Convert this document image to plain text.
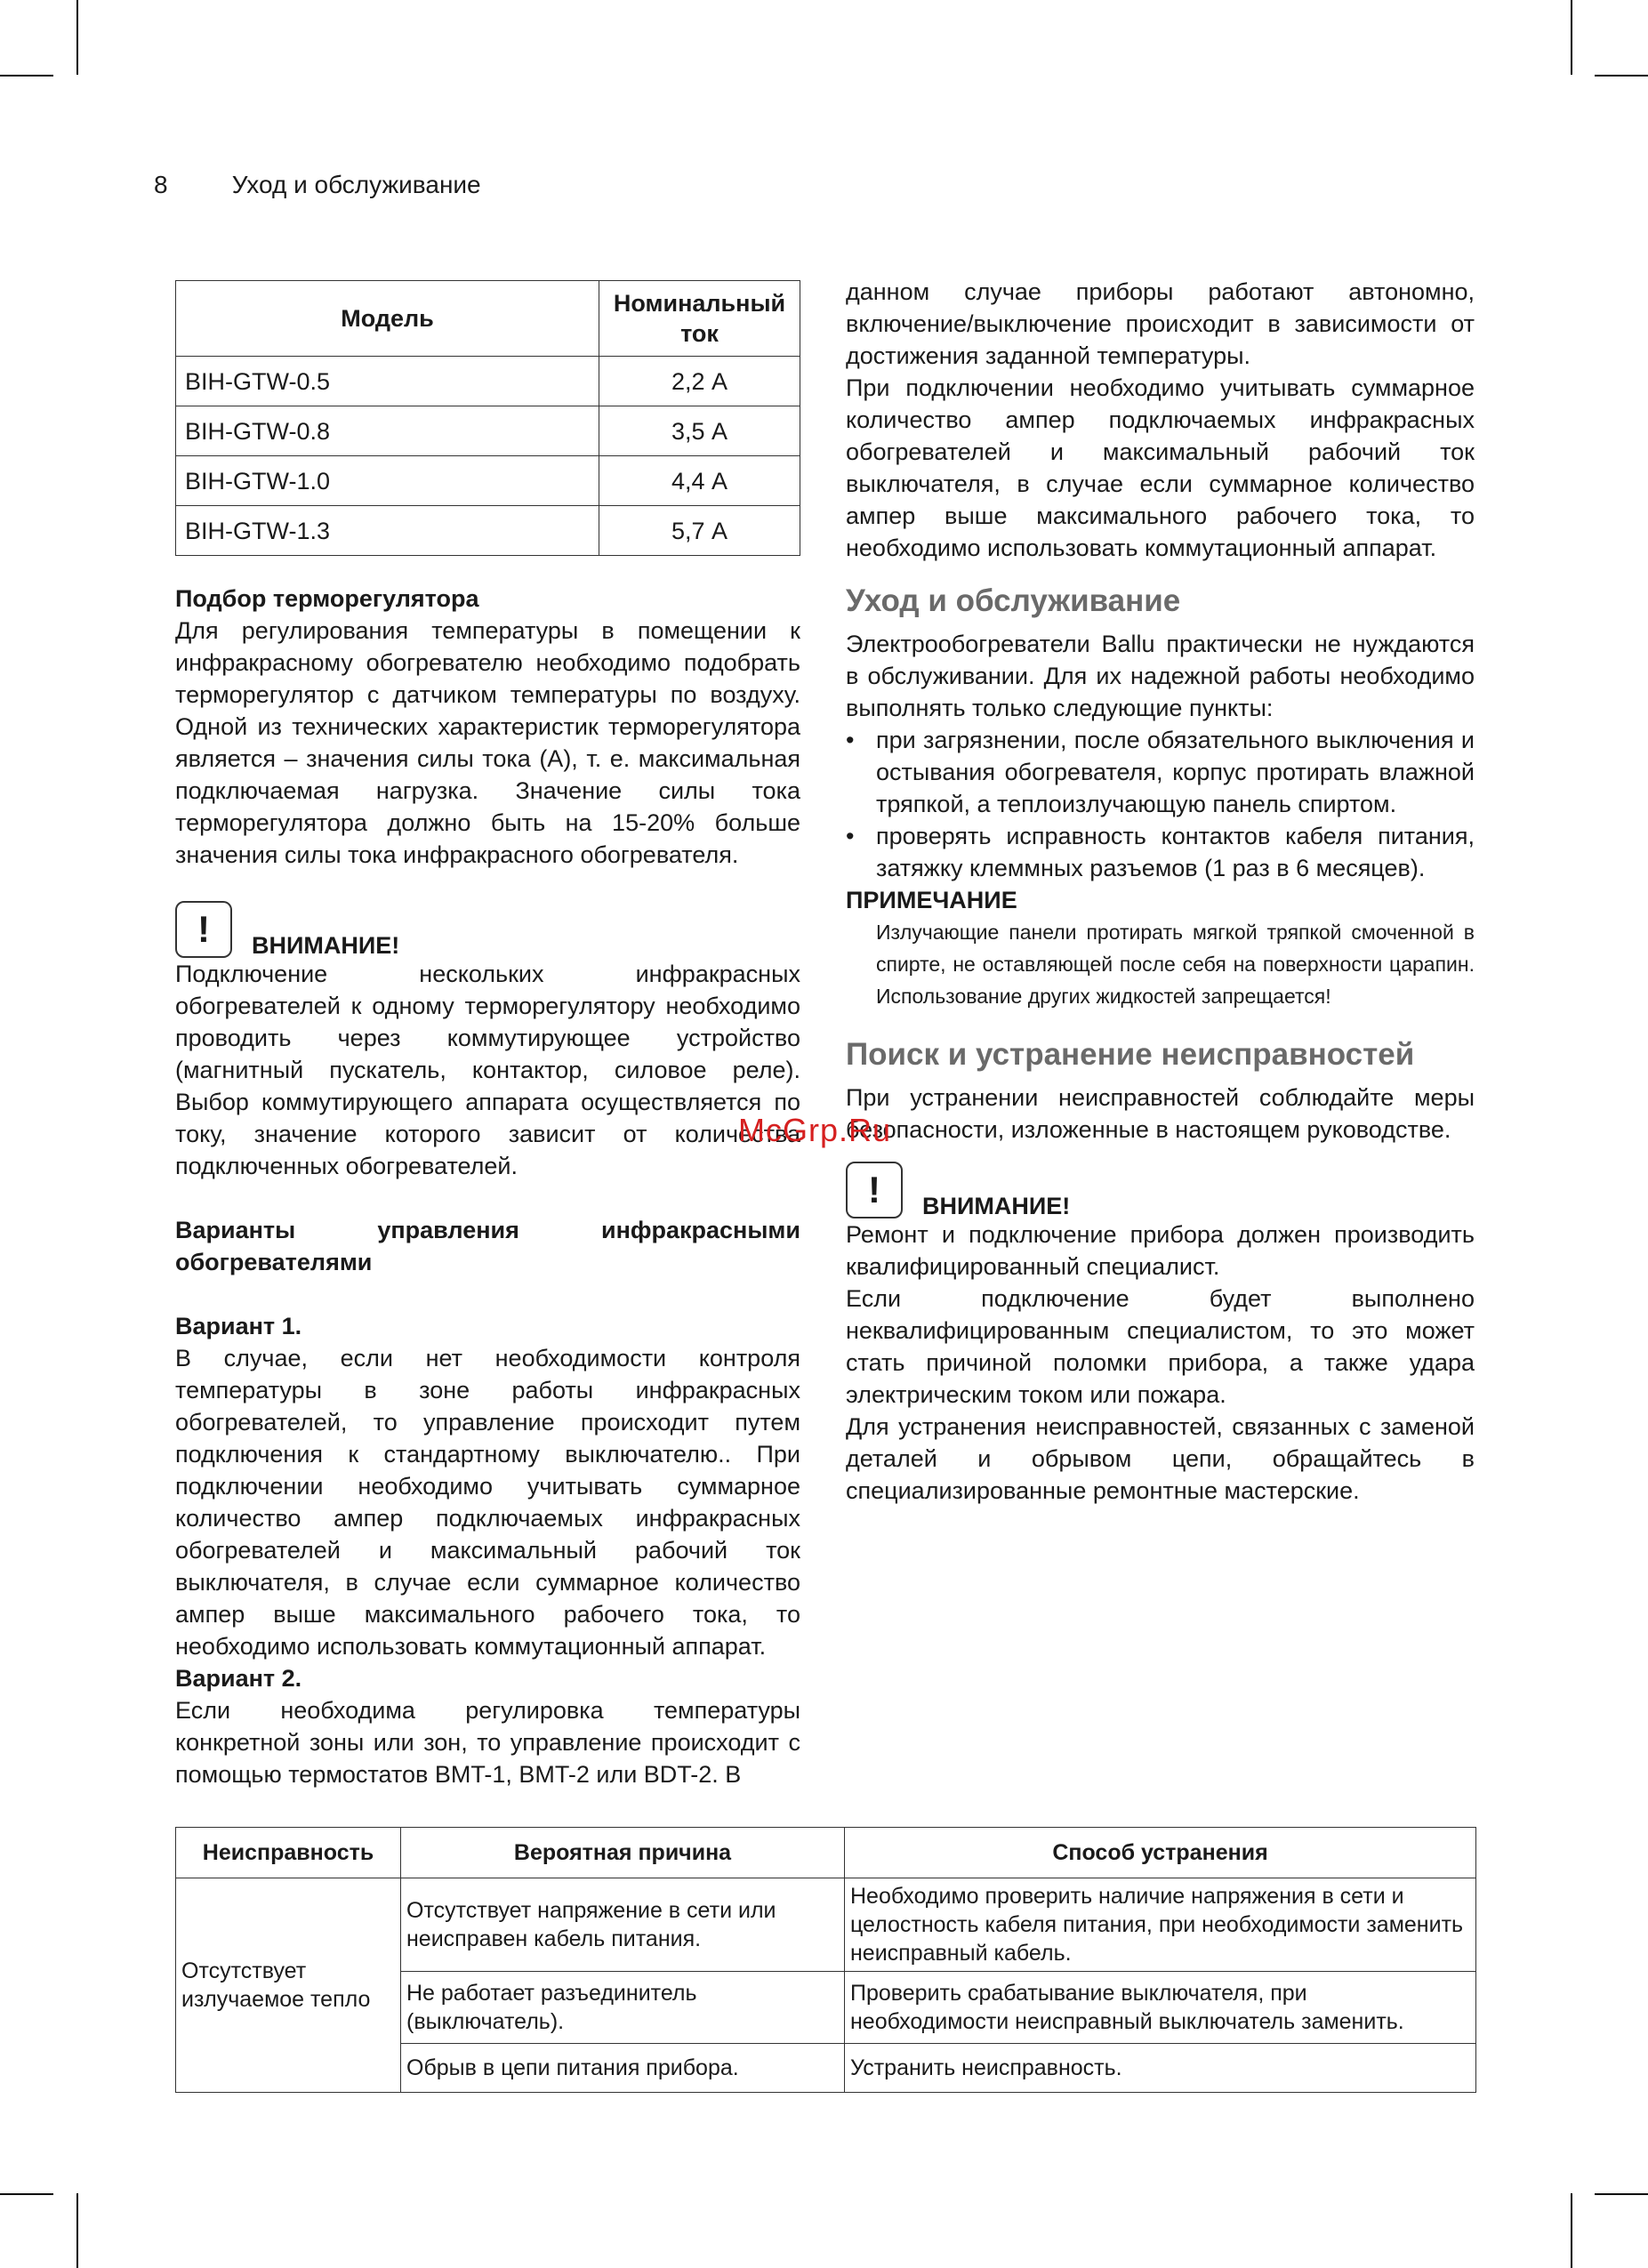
8	Уход и обслуживание
Модель	Номинальный ток
BIH-GTW-0.5	2,2 А
BIH-GTW-0.8	3,5 А
BIH-GTW-1.0	4,4 А
BIH-GTW-1.3	5,7 А

Подбор терморегулятора

Для регулирования температуры в помещении к инфракрасному обогревателю необходимо подобрать терморегулятор с датчиком температуры по воздуху. Одной из технических характеристик терморегулятора является – значения силы тока (А), т. е. максимальная подключаемая нагрузка. Значение силы тока терморегулятора должно быть на 15-20% больше значения силы тока инфракрасного обогревателя.

!	ВНИМАНИЕ!

Подключение нескольких инфракрасных обогревателей к одному терморегулятору необходимо проводить через коммутирующее устройство (магнитный пускатель, контактор, силовое реле). Выбор коммутирующего аппарата осуществляется по току, значение которого зависит от количества подключенных обогревателей.

Варианты управления инфракрасными обогревателями

Вариант 1.

В случае, если нет необходимости контроля температуры в зоне работы инфракрасных обогревателей, то управление происходит путем подключения к стандартному выключателю.. При подключении необходимо учитывать суммарное количество ампер подключаемых инфракрасных обогревателей и максимальный рабочий ток выключателя, в случае если суммарное количество ампер выше максимального рабочего тока, то необходимо использовать коммутационный аппарат.

Вариант 2.

Если необходима регулировка температуры конкретной зоны или зон, то управление происходит с помощью термостатов BMT-1, BMT-2 или BDT-2. В

данном случае приборы работают автономно, включение/выключение происходит в зависимости от достижения заданной температуры.

При подключении необходимо учитывать суммарное количество ампер подключаемых инфракрасных обогревателей и максимальный рабочий ток выключателя, в случае если суммарное количество ампер выше максимального рабочего тока, то необходимо использовать коммутационный аппарат.

Уход и обслуживание

Электрообогреватели Ballu практически не нуждаются в обслуживании. Для их надежной работы необходимо выполнять только следующие пункты:

• при загрязнении, после обязательного выключения и остывания обогревателя, корпус протирать влажной тряпкой, а теплоизлучающую панель спиртом.
• проверять исправность контактов кабеля питания, затяжку клеммных разъемов (1 раз в 6 месяцев).

ПРИМЕЧАНИЕ

Излучающие панели протирать мягкой тряпкой смоченной в спирте, не оставляющей после себя на поверхности царапин. Использование других жидкостей запрещается!

Поиск и устранение неисправностей

При устранении неисправностей соблюдайте меры безопасности, изложенные в настоящем руководстве.

!	ВНИМАНИЕ!

Ремонт и подключение прибора должен производить квалифицированный специалист.

Если подключение будет выполнено неквалифицированным специалистом, то это может стать причиной поломки прибора, а также удара электрическим током или пожара.

Для устранения неисправностей, связанных с заменой деталей и обрывом цепи, обращайтесь в специализированные ремонтные мастерские.

McGrp.Ru
Неисправность	Вероятная причина	Способ устранения
Отсутствует излучаемое тепло	Отсутствует напряжение в сети или неисправен кабель питания.	Необходимо проверить наличие напряжения в сети и целостность кабеля питания, при необходимости заменить неисправный кабель.
	Не работает разъединитель (выключатель).	Проверить срабатывание выключателя, при необходимости неисправный выключатель заменить.
	Обрыв в цепи питания прибора.	Устранить неисправность.
